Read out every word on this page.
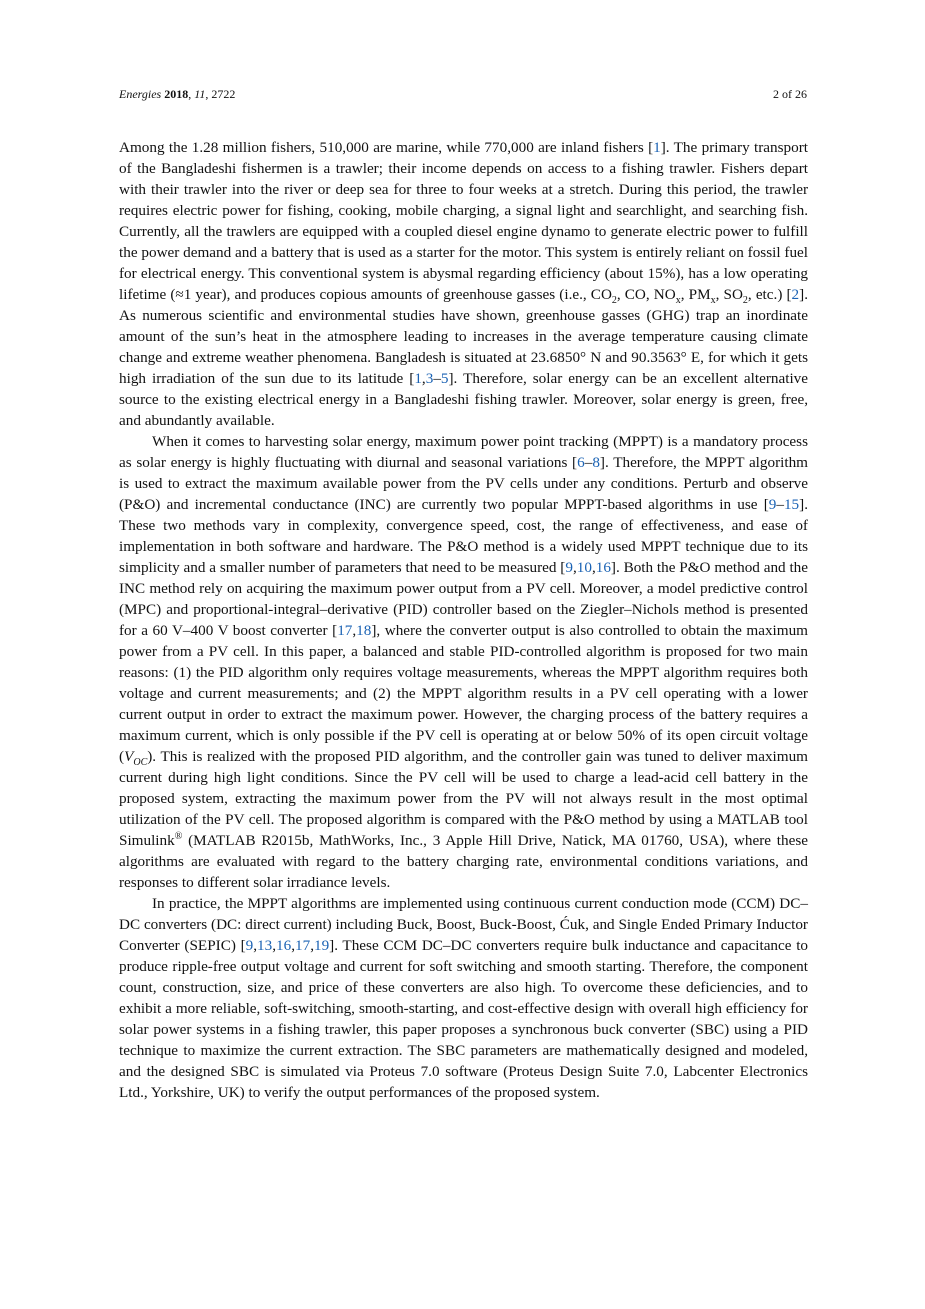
Energies 2018, 11, 2722	2 of 26

Among the 1.28 million fishers, 510,000 are marine, while 770,000 are inland fishers [1]. The primary transport of the Bangladeshi fishermen is a trawler; their income depends on access to a fishing trawler. Fishers depart with their trawler into the river or deep sea for three to four weeks at a stretch. During this period, the trawler requires electric power for fishing, cooking, mobile charging, a signal light and searchlight, and searching fish. Currently, all the trawlers are equipped with a coupled diesel engine dynamo to generate electric power to fulfill the power demand and a battery that is used as a starter for the motor. This system is entirely reliant on fossil fuel for electrical energy. This conventional system is abysmal regarding efficiency (about 15%), has a low operating lifetime (≈1 year), and produces copious amounts of greenhouse gasses (i.e., $CO_2$, CO, $NO_x$, $PM_x$, $SO_2$, etc.) [2]. As numerous scientific and environmental studies have shown, greenhouse gasses (GHG) trap an inordinate amount of the sun’s heat in the atmosphere leading to increases in the average temperature causing climate change and extreme weather phenomena. Bangladesh is situated at 23.6850° N and 90.3563° E, for which it gets high irradiation of the sun due to its latitude [1,3–5]. Therefore, solar energy can be an excellent alternative source to the existing electrical energy in a Bangladeshi fishing trawler. Moreover, solar energy is green, free, and abundantly available.

When it comes to harvesting solar energy, maximum power point tracking (MPPT) is a mandatory process as solar energy is highly fluctuating with diurnal and seasonal variations [6–8]. Therefore, the MPPT algorithm is used to extract the maximum available power from the PV cells under any conditions. Perturb and observe (P&O) and incremental conductance (INC) are currently two popular MPPT-based algorithms in use [9–15]. These two methods vary in complexity, convergence speed, cost, the range of effectiveness, and ease of implementation in both software and hardware. The P&O method is a widely used MPPT technique due to its simplicity and a smaller number of parameters that need to be measured [9,10,16]. Both the P&O method and the INC method rely on acquiring the maximum power output from a PV cell. Moreover, a model predictive control (MPC) and proportional-integral–derivative (PID) controller based on the Ziegler–Nichols method is presented for a 60 V–400 V boost converter [17,18], where the converter output is also controlled to obtain the maximum power from a PV cell. In this paper, a balanced and stable PID-controlled algorithm is proposed for two main reasons: (1) the PID algorithm only requires voltage measurements, whereas the MPPT algorithm requires both voltage and current measurements; and (2) the MPPT algorithm results in a PV cell operating with a lower current output in order to extract the maximum power. However, the charging process of the battery requires a maximum current, which is only possible if the PV cell is operating at or below 50% of its open circuit voltage $(V_{OC})$. This is realized with the proposed PID algorithm, and the controller gain was tuned to deliver maximum current during high light conditions. Since the PV cell will be used to charge a lead-acid cell battery in the proposed system, extracting the maximum power from the PV will not always result in the most optimal utilization of the PV cell. The proposed algorithm is compared with the P&O method by using a MATLAB tool Simulink® (MATLAB R2015b, MathWorks, Inc., 3 Apple Hill Drive, Natick, MA 01760, USA), where these algorithms are evaluated with regard to the battery charging rate, environmental conditions variations, and responses to different solar irradiance levels.

In practice, the MPPT algorithms are implemented using continuous current conduction mode (CCM) DC–DC converters (DC: direct current) including Buck, Boost, Buck-Boost, Ćuk, and Single Ended Primary Inductor Converter (SEPIC) [9,13,16,17,19]. These CCM DC–DC converters require bulk inductance and capacitance to produce ripple-free output voltage and current for soft switching and smooth starting. Therefore, the component count, construction, size, and price of these converters are also high. To overcome these deficiencies, and to exhibit a more reliable, soft-switching, smooth-starting, and cost-effective design with overall high efficiency for solar power systems in a fishing trawler, this paper proposes a synchronous buck converter (SBC) using a PID technique to maximize the current extraction. The SBC parameters are mathematically designed and modeled, and the designed SBC is simulated via Proteus 7.0 software (Proteus Design Suite 7.0, Labcenter Electronics Ltd., Yorkshire, UK) to verify the output performances of the proposed system.
